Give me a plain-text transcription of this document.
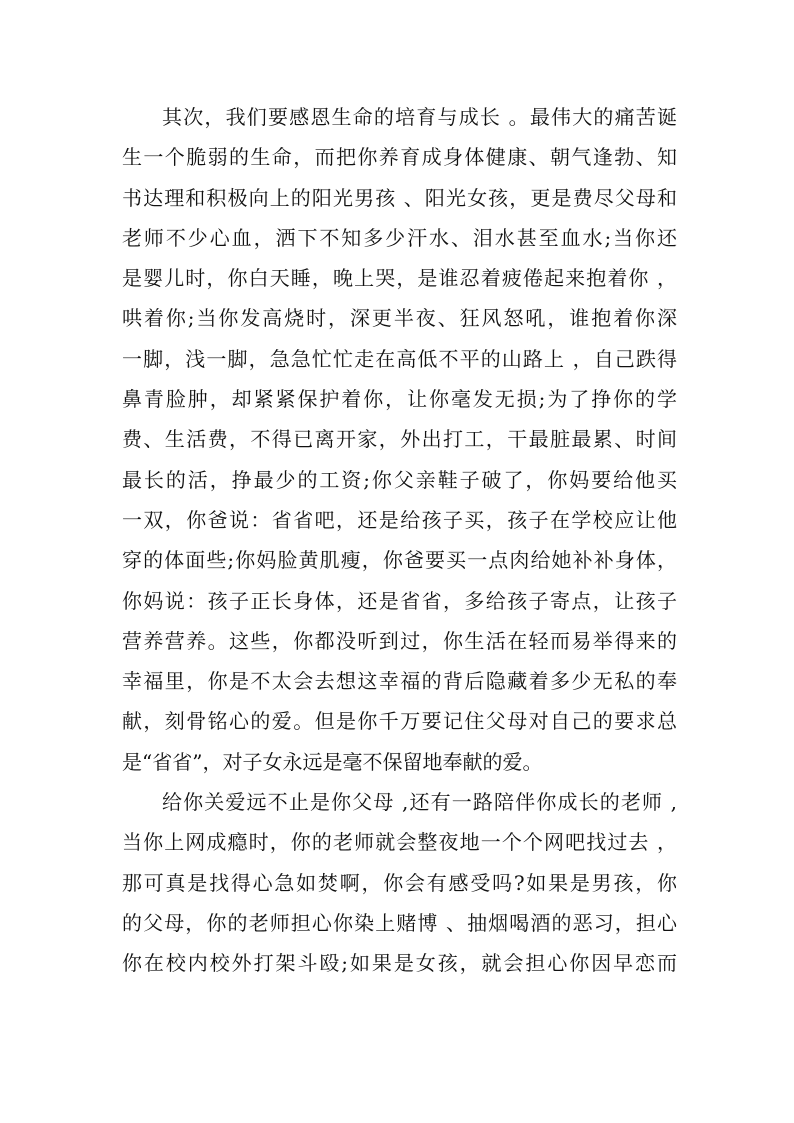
其次，我们要感恩生命的培育与成长 。最伟大的痛苦诞
生一个脆弱的生命，而把你养育成身体健康、朝气逢勃、知
书达理和积极向上的阳光男孩 、阳光女孩，更是费尽父母和
老师不少心血，洒下不知多少汗水、泪水甚至血水;当你还
是婴儿时，你白天睡，晚上哭，是谁忍着疲倦起来抱着你 ，
哄着你;当你发高烧时，深更半夜、狂风怒吼，谁抱着你深
一脚，浅一脚，急急忙忙走在高低不平的山路上 ，自己跌得
鼻青脸肿，却紧紧保护着你，让你毫发无损;为了挣你的学
费、生活费，不得已离开家，外出打工，干最脏最累、时间
最长的活，挣最少的工资;你父亲鞋子破了，你妈要给他买
一双，你爸说：省省吧，还是给孩子买，孩子在学校应让他
穿的体面些;你妈脸黄肌瘦，你爸要买一点肉给她补补身体，
你妈说：孩子正长身体，还是省省，多给孩子寄点，让孩子
营养营养。这些，你都没听到过，你生活在轻而易举得来的
幸福里，你是不太会去想这幸福的背后隐藏着多少无私的奉
献，刻骨铭心的爱。但是你千万要记住父母对自己的要求总
是“省省”，对子女永远是毫不保留地奉献的爱。
给你关爱远不止是你父母 ,还有一路陪伴你成长的老师 ,
当你上网成瘾时，你的老师就会整夜地一个个网吧找过去 ，
那可真是找得心急如焚啊，你会有感受吗?如果是男孩，你
的父母，你的老师担心你染上赌博 、抽烟喝酒的恶习，担心
你在校内校外打架斗殴;如果是女孩，就会担心你因早恋而
